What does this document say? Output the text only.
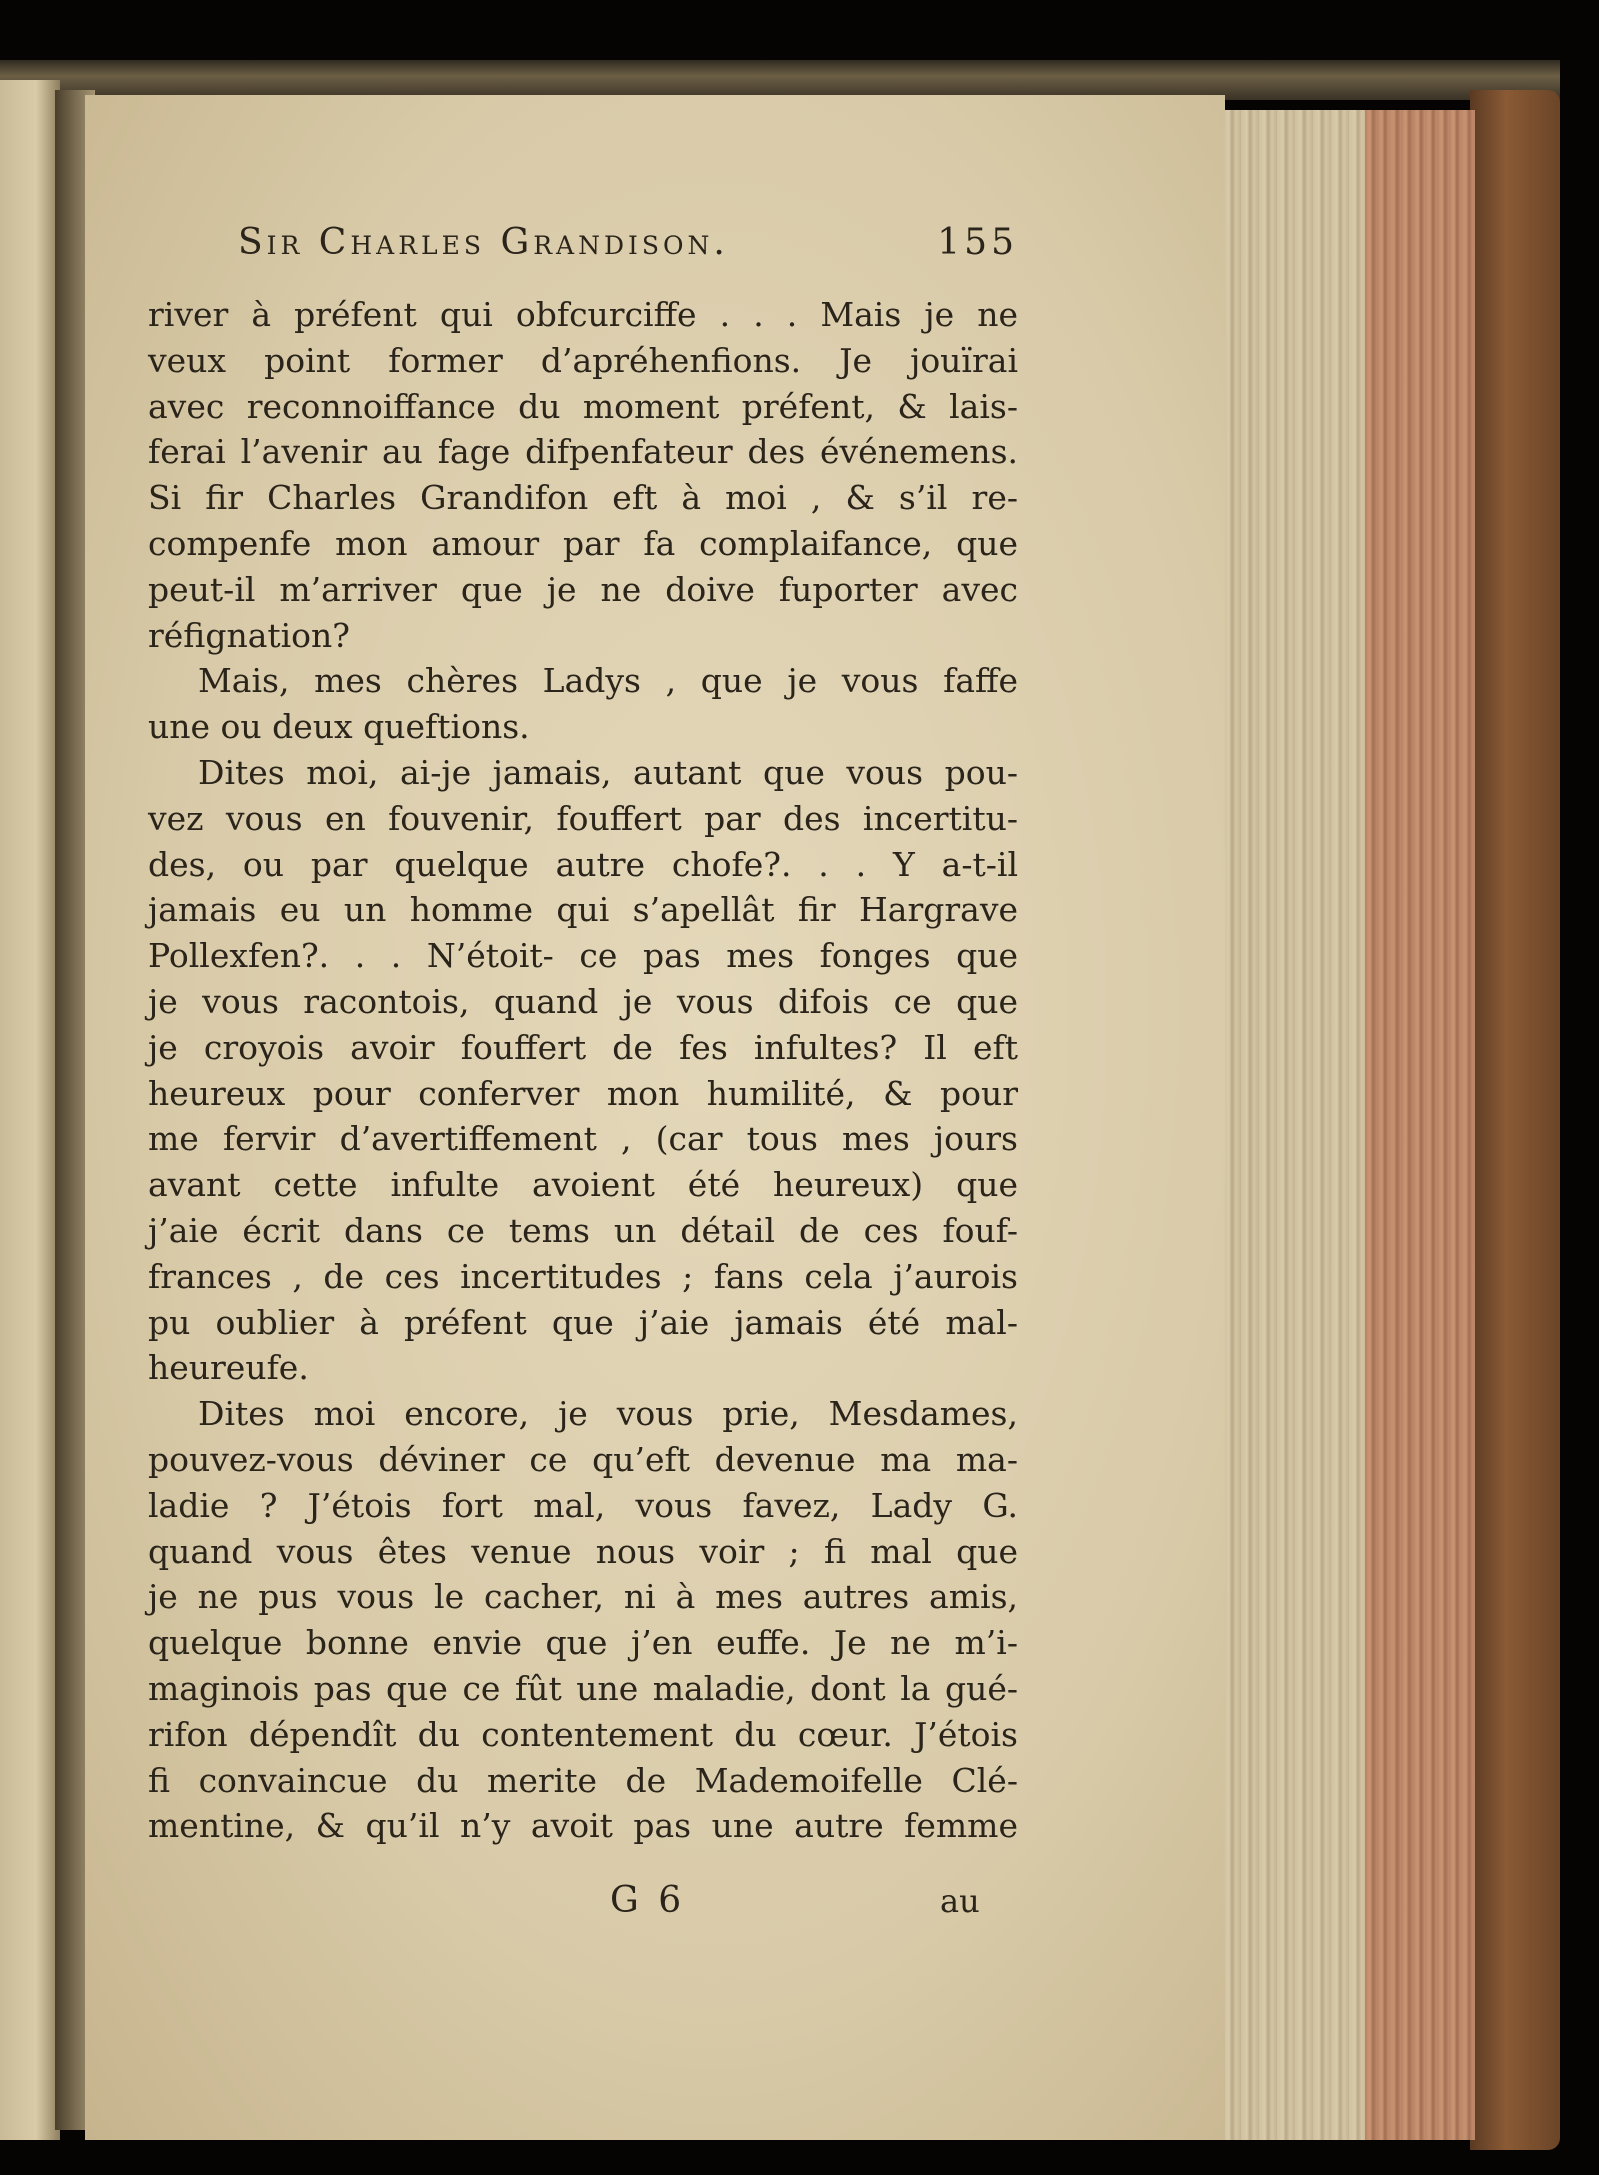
Sir Charles Grandison.	155
river à préfent qui obfcurciffe . . . Mais je ne
veux point former d’apréhenfions. Je jouïrai
avec reconnoiffance du moment préfent, & lais-
ferai l’avenir au fage difpenfateur des événemens.
Si fir Charles Grandifon eft à moi , & s’il re-
compenfe mon amour par fa complaifance, que
peut-il m’arriver que je ne doive fuporter avec
réfignation?
Mais, mes chères Ladys , que je vous faffe
une ou deux queftions.
Dites moi, ai-je jamais, autant que vous pou-
vez vous en fouvenir, fouffert par des incertitu-
des, ou par quelque autre chofe?. . . Y a-t-il
jamais eu un homme qui s’apellât fir Hargrave
Pollexfen?. . . N’étoit- ce pas mes fonges que
je vous racontois, quand je vous difois ce que
je croyois avoir fouffert de fes infultes? Il eft
heureux pour conferver mon humilité, & pour
me fervir d’avertiffement , (car tous mes jours
avant cette infulte avoient été heureux) que
j’aie écrit dans ce tems un détail de ces fouf-
frances , de ces incertitudes ; fans cela j’aurois
pu oublier à préfent que j’aie jamais été mal-
heureufe.
Dites moi encore, je vous prie, Mesdames,
pouvez-vous déviner ce qu’eft devenue ma ma-
ladie ? J’étois fort mal, vous favez, Lady G.
quand vous êtes venue nous voir ; fi mal que
je ne pus vous le cacher, ni à mes autres amis,
quelque bonne envie que j’en euffe. Je ne m’i-
maginois pas que ce fût une maladie, dont la gué-
rifon dépendît du contentement du cœur. J’étois
fi convaincue du merite de Mademoifelle Clé-
mentine, & qu’il n’y avoit pas une autre femme
G 6	au
